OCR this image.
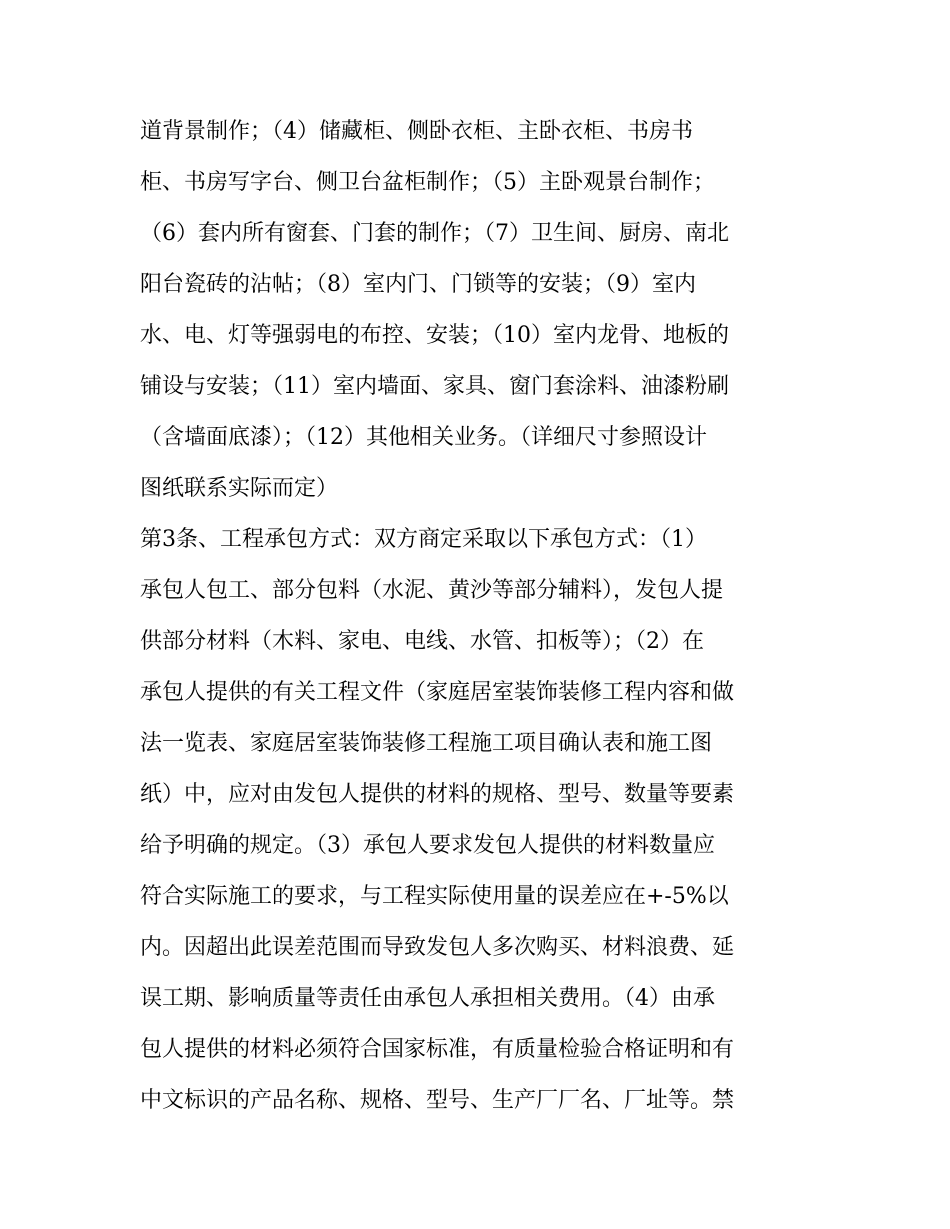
道背景制作；（4）储藏柜、侧卧衣柜、主卧衣柜、书房书
柜、书房写字台、侧卫台盆柜制作；（5）主卧观景台制作；
（6）套内所有窗套、门套的制作；（7）卫生间、厨房、南北
阳台瓷砖的沾帖；（8）室内门、门锁等的安装；（9）室内
水、电、灯等强弱电的布控、安装；（10）室内龙骨、地板的
铺设与安装；（11）室内墙面、家具、窗门套涂料、油漆粉刷
（含墙面底漆）；（12）其他相关业务。（详细尺寸参照设计
图纸联系实际而定）
第3条、工程承包方式：双方商定采取以下承包方式：（1）
承包人包工、部分包料（水泥、黄沙等部分辅料），发包人提
供部分材料（木料、家电、电线、水管、扣板等）；（2）在
承包人提供的有关工程文件（家庭居室装饰装修工程内容和做
法一览表、家庭居室装饰装修工程施工项目确认表和施工图
纸）中，应对由发包人提供的材料的规格、型号、数量等要素
给予明确的规定。（3）承包人要求发包人提供的材料数量应
符合实际施工的要求，与工程实际使用量的误差应在+-5%以
内。因超出此误差范围而导致发包人多次购买、材料浪费、延
误工期、影响质量等责任由承包人承担相关费用。（4）由承
包人提供的材料必须符合国家标准，有质量检验合格证明和有
中文标识的产品名称、规格、型号、生产厂厂名、厂址等。禁
